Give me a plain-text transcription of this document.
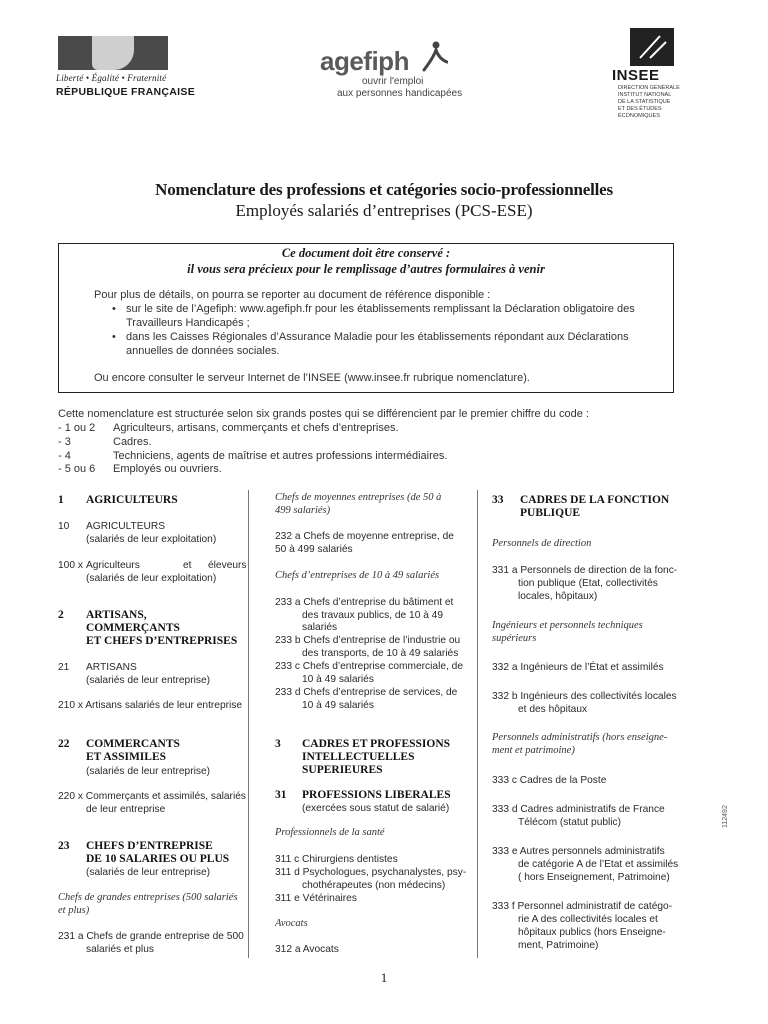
Liberté • Égalité • Fraternité
RÉPUBLIQUE FRANÇAISE
agefiph
ouvrir l'emploi
aux personnes handicapées
INSEE
DIRECTION GÉNÉRALE
INSTITUT NATIONAL
DE LA STATISTIQUE
ET DES ÉTUDES
ÉCONOMIQUES
Nomenclature des professions et catégories socio-professionnelles
Employés salariés d’entreprises (PCS-ESE)
Ce document doit être conservé :
il vous sera précieux pour le remplissage d’autres formulaires à venir
Pour plus de détails, on pourra se reporter au document de référence disponible :
• sur le site de l’Agefiph: www.agefiph.fr pour les établissements remplissant la Déclaration obligatoire des
Travailleurs Handicapés ;
• dans les Caisses Régionales d’Assurance Maladie pour les établissements répondant aux Déclarations
annuelles de données sociales.
Ou encore consulter le serveur Internet de l’INSEE (www.insee.fr rubrique nomenclature).
Cette nomenclature est structurée selon six grands postes qui se différencient par le premier chiffre du code :
- 1 ou 2 Agriculteurs, artisans, commerçants et chefs d’entreprises.
- 3	Cadres.
- 4	Techniciens, agents de maîtrise et autres professions intermédiaires.
- 5 ou 6 Employés ou ouvriers.
1 AGRICULTEURS
10 AGRICULTEURS
(salariés de leur exploitation)
100 x Agriculteurs	et éleveurs
(salariés de leur exploitation)
2 ARTISANS,
COMMERÇANTS
ET CHEFS D’ENTREPRISES
21 ARTISANS
(salariés de leur entreprise)
210 x Artisans salariés de leur entreprise
22 COMMERCANTS
ET ASSIMILES
(salariés de leur entreprise)
220 x Commerçants et assimilés, salariés
de leur entreprise
23 CHEFS D’ENTREPRISE
DE 10 SALARIES OU PLUS
(salariés de leur entreprise)
Chefs de grandes entreprises (500 salariés
et plus)
231 a Chefs de grande entreprise de 500
salariés et plus
Chefs de moyennes entreprises (de 50 à
499 salariés)
232 a Chefs de moyenne entreprise, de
50 à 499 salariés
Chefs d’entreprises de 10 à 49 salariés
233 a Chefs d’entreprise du bâtiment et
des travaux publics, de 10 à 49
salariés
233 b Chefs d’entreprise de l’industrie ou
des transports, de 10 à 49 salariés
233 c Chefs d’entreprise commerciale, de
10 à 49 salariés
233 d Chefs d’entreprise de services, de
10 à 49 salariés
3 CADRES ET PROFESSIONS
INTELLECTUELLES
SUPERIEURES
31 PROFESSIONS LIBERALES
(exercées sous statut de salarié)
Professionnels de la santé
311 c Chirurgiens dentistes
311 d Psychologues, psychanalystes, psy-
chothérapeutes (non médecins)
311 e Vétérinaires
Avocats
312 a Avocats
33 CADRES DE LA FONCTION
PUBLIQUE
Personnels de direction
331 a Personnels de direction de la fonc-
tion publique (Etat, collectivités
locales, hôpitaux)
Ingénieurs et personnels techniques
supérieurs
332 a Ingénieurs de l’État et assimilés
332 b Ingénieurs des collectivités locales
et des hôpitaux
Personnels administratifs (hors enseigne-
ment et patrimoine)
333 c Cadres de la Poste
333 d Cadres administratifs de France
Télécom (statut public)
333 e Autres personnels administratifs
de catégorie A de l’Etat et assimilés
( hors Enseignement, Patrimoine)
333 f Personnel administratif de catégo-
rie A des collectivités locales et
hôpitaux publics (hors Enseigne-
ment, Patrimoine)
112492
1
